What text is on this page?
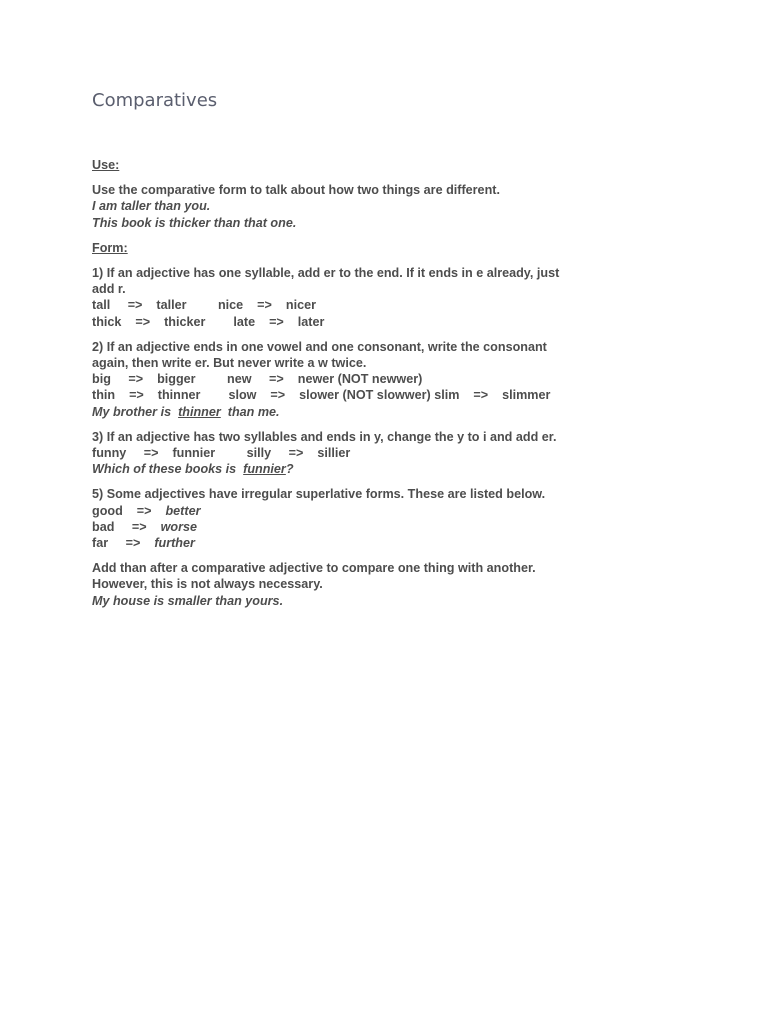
Comparatives
Use:
Use the comparative form to talk about how two things are different.
I am taller than you.
This book is thicker than that one.
Form:
1) If an adjective has one syllable, add er to the end. If it ends in e already, just
add r.
tall     =>    taller         nice    =>    nicer
thick    =>    thicker        late    =>    later
2) If an adjective ends in one vowel and one consonant, write the consonant
again, then write er. But never write a w twice.
big     =>    bigger         new     =>    newer (NOT newwer)
thin    =>    thinner        slow    =>    slower (NOT slowwer) slim    =>    slimmer
My brother is  thinner  than me.
3) If an adjective has two syllables and ends in y, change the y to i and add er.
funny     =>    funnier         silly     =>    sillier
Which of these books is  funnier?
5) Some adjectives have irregular superlative forms. These are listed below.
good    =>    better
bad     =>    worse
far     =>    further
Add than after a comparative adjective to compare one thing with another.
However, this is not always necessary.
My house is smaller than yours.
